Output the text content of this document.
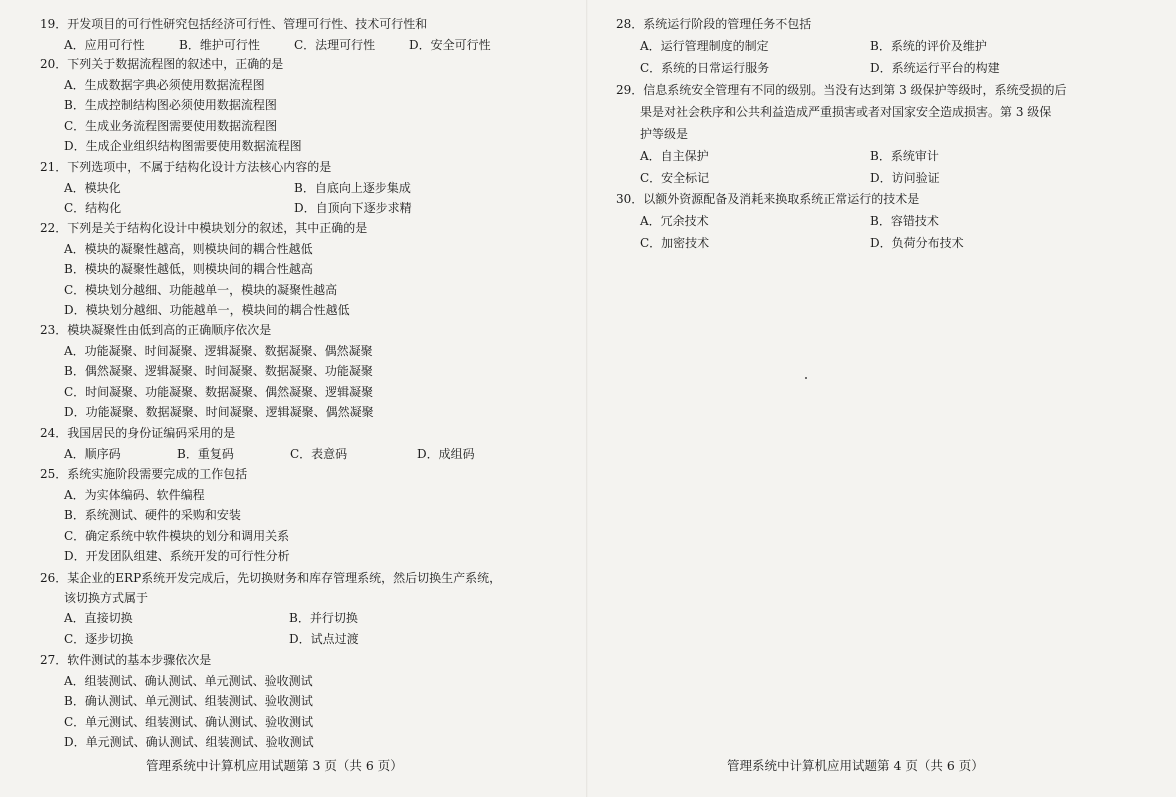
19．开发项目的可行性研究包括经济可行性、管理可行性、技术可行性和
A．应用可行性	B．维护可行性	C．法理可行性	D．安全可行性
20．下列关于数据流程图的叙述中，正确的是
A．生成数据字典必须使用数据流程图
B．生成控制结构图必须使用数据流程图
C．生成业务流程图需要使用数据流程图
D．生成企业组织结构图需要使用数据流程图
21．下列选项中，不属于结构化设计方法核心内容的是
A．模块化	B．自底向上逐步集成
C．结构化	D．自顶向下逐步求精
22．下列是关于结构化设计中模块划分的叙述，其中正确的是
A．模块的凝聚性越高，则模块间的耦合性越低
B．模块的凝聚性越低，则模块间的耦合性越高
C．模块划分越细、功能越单一，模块的凝聚性越高
D．模块划分越细、功能越单一，模块间的耦合性越低
23．模块凝聚性由低到高的正确顺序依次是
A．功能凝聚、时间凝聚、逻辑凝聚、数据凝聚、偶然凝聚
B．偶然凝聚、逻辑凝聚、时间凝聚、数据凝聚、功能凝聚
C．时间凝聚、功能凝聚、数据凝聚、偶然凝聚、逻辑凝聚
D．功能凝聚、数据凝聚、时间凝聚、逻辑凝聚、偶然凝聚
24．我国居民的身份证编码采用的是
A．顺序码	B．重复码	C．表意码	D．成组码
25．系统实施阶段需要完成的工作包括
A．为实体编码、软件编程
B．系统测试、硬件的采购和安装
C．确定系统中软件模块的划分和调用关系
D．开发团队组建、系统开发的可行性分析
26．某企业的ERP系统开发完成后，先切换财务和库存管理系统，然后切换生产系统，
该切换方式属于
A．直接切换	B．并行切换
C．逐步切换	D．试点过渡
27．软件测试的基本步骤依次是
A．组装测试、确认测试、单元测试、验收测试
B．确认测试、单元测试、组装测试、验收测试
C．单元测试、组装测试、确认测试、验收测试
D．单元测试、确认测试、组装测试、验收测试
管理系统中计算机应用试题第 3 页（共 6 页）
28．系统运行阶段的管理任务不包括
A．运行管理制度的制定	B．系统的评价及维护
C．系统的日常运行服务	D．系统运行平台的构建
29．信息系统安全管理有不同的级别。当没有达到第 3 级保护等级时，系统受损的后
果是对社会秩序和公共利益造成严重损害或者对国家安全造成损害。第 3 级保
护等级是
A．自主保护	B．系统审计
C．安全标记	D．访问验证
30．以额外资源配备及消耗来换取系统正常运行的技术是
A．冗余技术	B．容错技术
C．加密技术	D．负荷分布技术
管理系统中计算机应用试题第 4 页（共 6 页）
